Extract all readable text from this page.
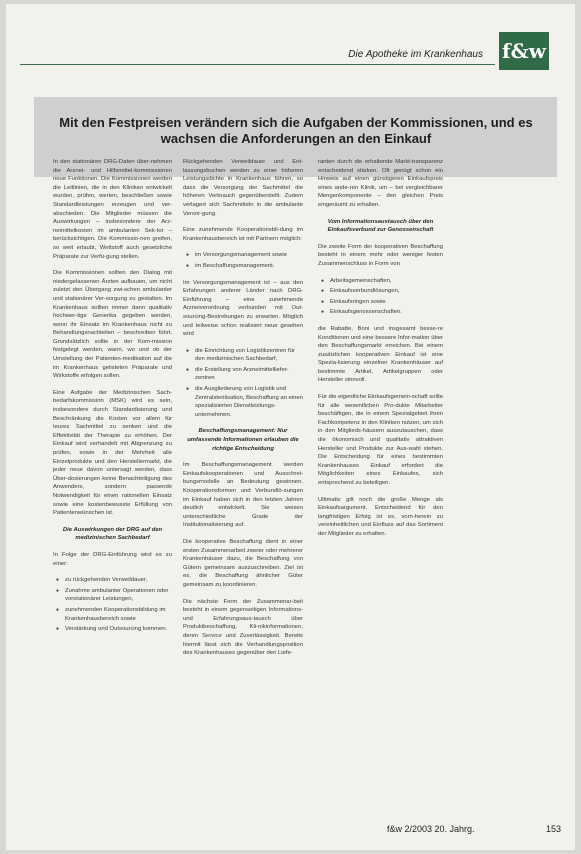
Die Apotheke im Krankenhaus f&w
Mit den Festpreisen verändern sich die Aufgaben der Kommissionen, und es wachsen die Anforderungen an den Einkauf

In den stationären DRG-Daten über-nehmen die Arznei- und Hilfsmittel-kommissionen neue Funktionen. Die Kommissionen werden die Leitlinien, die in den Kliniken entwickelt wurden, prüfen, werten, beschließen sowie Standardleistungen erzeugen und ver-abschieden. Die Mitglieder müssen die Auswirkungen – insbesondere der Arz-neimittelkosten im ambulanten Sek-tor – berücksichtigen. Die Kommissio-nen greifen, so weit erlaubt, Wettstoff auch gesetzliche Präparate zur Verfü-gung stellen.

Die Kommissionen sollten den Dialog mit niedergelassenen Ärzten aufbauen, um nicht zuletzt den Übergang zwi-schen ambulanter und stationärer Ver-sorgung zu gestalten. Im Krankenhaus sollten immer dann qualitativ hochwer-tige Generika gegeben werden, wenn ihr Einsatz im Krankenhaus nicht zu Behandlungsnachteilen – beschreiben führt. Grundsätzlich sollte in der Kom-mission festgelegt werden, wann, wo und ob der Umstellung der Patienten-medikation auf die im Krankenhaus gelisteten Präparate und Wirkstoffe erfolgen sollen.

Eine Aufgabe der Medizinischen Sach-bedarfskommission (MSK) wird es sein, insbesondere durch Standardisierung und Beschränkung die Kosten vor allem für teures Sachmittel zu senken und die Effektivität der Therapie zu erhöhen. Der Einkauf wird verhandelt mit Abgrenzung zu prüfen, sowie in der Mehrheit alle Einzelprodukte und den Herstellermarkt, die jeder neue davon untersagt werden, dass Über-dosierungen keine Benachteiligung des Anwenders, sondern passende Notwendigkeit für einen rationellen Einsatz sowie eine kostenbewusste Erfüllung von Patientenwünschen ist.

Die Auswirkungen der DRG auf den medizinischen Sachbedarf

In Folge der DRG-Einführung wird es zu einer:

● zu rückgehenden Verweildauer,
● Zunahme ambulanter Operationen oder vorstationärer Leistungen,
● zunehmenden Kooperationsbildung im Krankenhausbereich sowie
● Verstärkung und Outsourcing kommen.

Rückgehenden Verweildauer und Ent-lassungsbuchen werden zu einer höheren Leistungsdichte in Krankenhaus führen, so dass die Versorgung der Sachmittel die höheren Verbrauch gegenüberstellt. Zudem verlagert sich Sachmitteln in die ambulante Versor-gung.

Eine zunehmende Kooperationsbil-dung im Krankenhausbereich ist mit Partnern möglich:

● im Versorgungsmanagement sowie
● im Beschaffungsmanagement.

Im Versorgungsmanagement ist – aus den Erfahrungen anderer Länder nach DRG-Einführung – eine zunehmende Arzneiverordnung verbunden mit Out-sourcing-Bestrebungen zu erwarten. Möglich und teilweise schon realisiert neue gesehen wird

● die Einrichtung von Logistikzentren für den medizinischen Sachbedarf,
● die Erstellung von Arzneimittelliefer-zentren
● die Ausgliederung von Logistik und Zentralsterilisation, Beschaffung an einen spezialisierten Dienstleistungs-unternehmen.

Beschaffungsmanagement: Nur umfassende Informationen erlauben die richtige Entscheidung

Im Beschaffungsmanagement werden Einkaufskooperationen und Ausschrei-bungsmodelle an Bedeutung gewinnen. Kooperationsformen und Verbundlö-sungen im Einkauf haben sich in den letzten Jahren deutlich entwickelt. Sie weisen unterschiedliche Grade der Institutionalisierung auf.

Die kooperative Beschaffung dient in einer ersten Zusammenarbeit zweier oder mehrerer Krankenhäuser dazu, die Beschaffung von Gütern gemeinsam auszuschreiben. Ziel ist es, die Beschaffung ähnlicher Güter gemeinsam zu koordinieren.

Die nächste Form der Zusammenar-beit besteht in einem gegenseitigen Informations- und Erfahrungsaus-tausch über Produktbeschaffung, Kli-nikinformationen, deren Service und Zuverlässigkeit. Bereits hiermit lässt sich die Verhandlungsposition des Krankenhauses gegenüber den Liefe-

ranten durch die erhaltende Markt-transparenz entscheidend stärken. Oft genügt schon ein Hinweis auf einen günstigeren Einkaufspreis eines ande-ren Klinik, um – bei vergleichbarer Mengenkomponente – den gleichen Preis eingeräumt zu erhalten.

Vom Informationsaustausch über den Einkaufsverbund zur Genossenschaft

Die zweite Form der kooperativen Beschaffung besteht in einem mehr oder weniger festen Zusammenschluss in Form von

● Arbeitsgemeinschaften,
● Einkaufsverbundlösungen,
● Einkaufsringen sowie
● Einkaufsgenossenschaften.

die Rabatte, Boni und insgesamt besse-re Konditionen und eine bessere Infor-mation über den Beschaffungsmarkt erreichen. Bei einem zusätzlichen kooperativen Einkauf ist eine Spezia-lisierung einzelner Krankenhäuser auf bestimmte Artikel, Artikelgruppen oder Hersteller sinnvoll.

Für die eigentliche Einkaufsgemein-schaft sollte für alle wesentlichen Pro-dukte Mitarbeiter beschäftigen, die in einem Spezialgebiet ihren Fachkompetenz in den Kliniken nutzen, um sich in den Mitglieds-häusern auszutauschen, dass die ökonomisch und qualitativ attraktiven Hersteller und Produkte zur Aus-wahl stehen. Die Entscheidung für eines bestimmten Krankenhauses Einkauf erfordert die Möglichkeiten eines Einkaufes, sich entsprechend zu beteiligen.

Ultimativ gilt noch die große Menge als Einkaufsargument. Entscheidend für den langfristigen Erfolg ist es, vorn-herein zu vereinheitlichen und Einfluss auf das Sortiment der Mitglieder zu erhalten.

f&w 2/2003 20. Jahrg.	153
